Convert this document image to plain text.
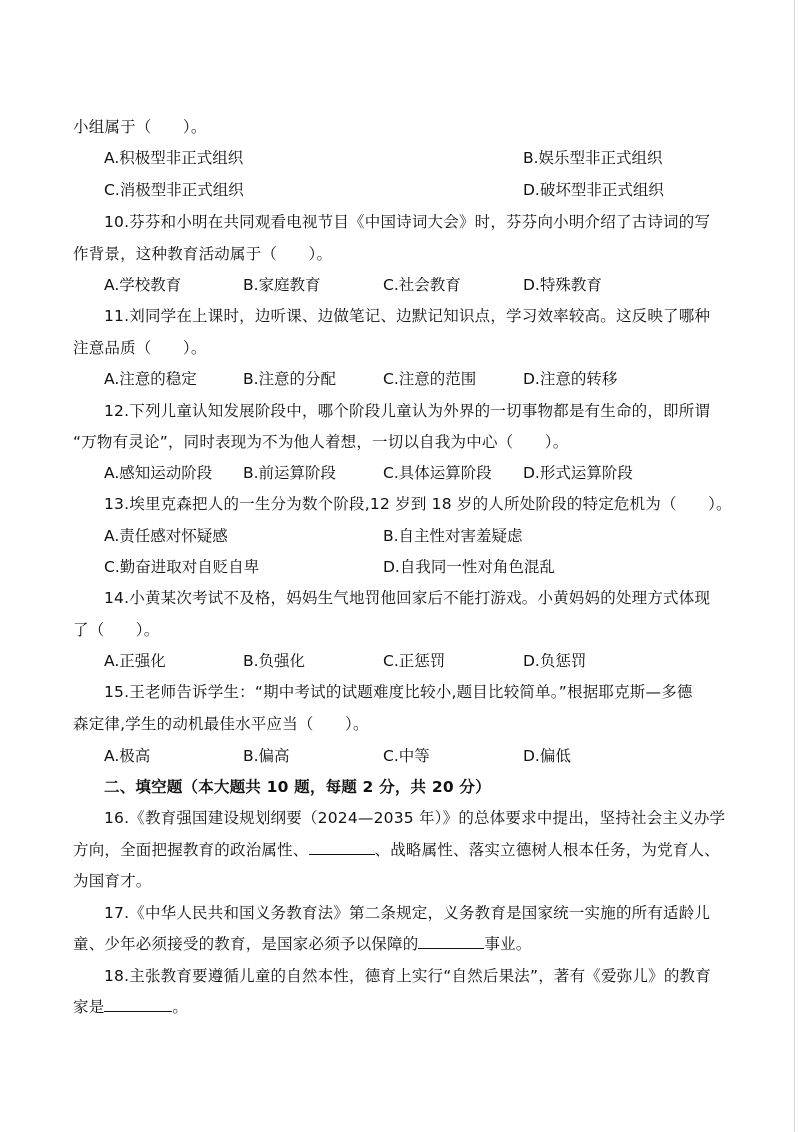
小组属于（　　）。
A.积极型非正式组织	B.娱乐型非正式组织
C.消极型非正式组织	D.破坏型非正式组织
10.芬芬和小明在共同观看电视节目《中国诗词大会》时，芬芬向小明介绍了古诗词的写
作背景，这种教育活动属于（　　）。
A.学校教育	B.家庭教育	C.社会教育	D.特殊教育
11.刘同学在上课时，边听课、边做笔记、边默记知识点，学习效率较高。这反映了哪种
注意品质（　　）。
A.注意的稳定	B.注意的分配	C.注意的范围	D.注意的转移
12.下列儿童认知发展阶段中，哪个阶段儿童认为外界的一切事物都是有生命的，即所谓
“万物有灵论”，同时表现为不为他人着想，一切以自我为中心（　　）。
A.感知运动阶段 B.前运算阶段	C.具体运算阶段 D.形式运算阶段
13.埃里克森把人的一生分为数个阶段,12 岁到 18 岁的人所处阶段的特定危机为（　　）。
A.责任感对怀疑感	B.自主性对害羞疑虑
C.勤奋进取对自贬自卑	D.自我同一性对角色混乱
14.小黄某次考试不及格，妈妈生气地罚他回家后不能打游戏。小黄妈妈的处理方式体现
了（　　）。
A.正强化	B.负强化	C.正惩罚	D.负惩罚
15.王老师告诉学生：“期中考试的试题难度比较小,题目比较简单。”根据耶克斯—多德
森定律,学生的动机最佳水平应当（　　）。
A.极高	B.偏高	C.中等	D.偏低
二、填空题（本大题共 10 题，每题 2 分，共 20 分）
16.《教育强国建设规划纲要（2024—2035 年）》的总体要求中提出，坚持社会主义办学
方向，全面把握教育的政治属性、	、战略属性、落实立德树人根本任务，为党育人、
为国育才。
17.《中华人民共和国义务教育法》第二条规定，义务教育是国家统一实施的所有适龄儿
童、少年必须接受的教育，是国家必须予以保障的	事业。
18.主张教育要遵循儿童的自然本性，德育上实行“自然后果法”，著有《爱弥儿》的教育
家是	。
